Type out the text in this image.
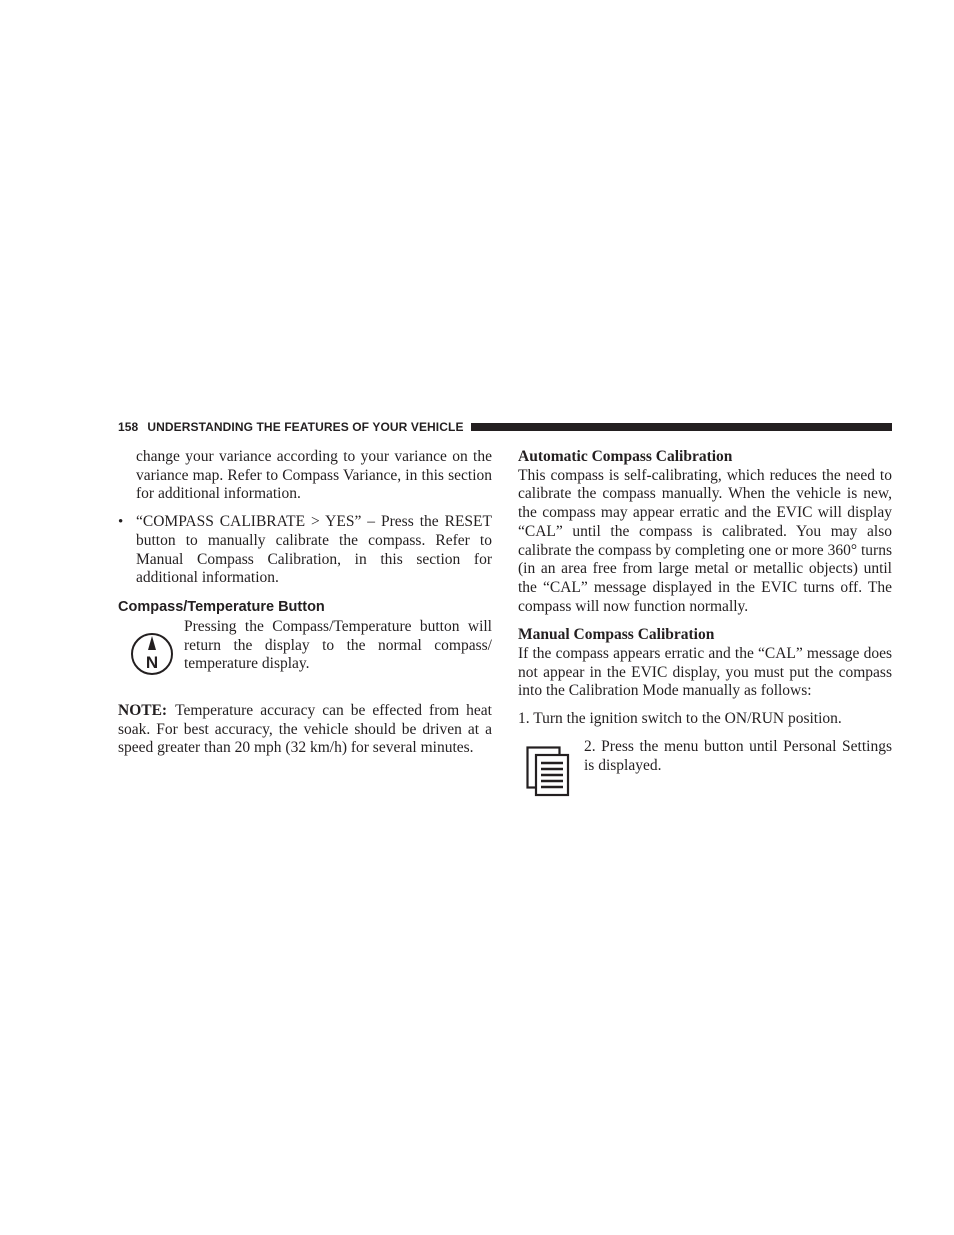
158 UNDERSTANDING THE FEATURES OF YOUR VEHICLE

change your variance according to your variance on the variance map. Refer to Compass Variance, in this section for additional information.

• “COMPASS CALIBRATE > YES” – Press the RESET button to manually calibrate the compass. Refer to Manual Compass Calibration, in this section for additional information.

Compass/Temperature Button
N

Pressing the Compass/Temperature button will return the display to the normal compass/ temperature display.

NOTE: Temperature accuracy can be effected from heat soak. For best accuracy, the vehicle should be driven at a speed greater than 20 mph (32 km/h) for several minutes.

Automatic Compass Calibration

This compass is self-calibrating, which reduces the need to calibrate the compass manually. When the vehicle is new, the compass may appear erratic and the EVIC will display “CAL” until the compass is calibrated. You may also calibrate the compass by completing one or more 360° turns (in an area free from large metal or metallic objects) until the “CAL” message displayed in the EVIC turns off. The compass will now function normally.

Manual Compass Calibration

If the compass appears erratic and the “CAL” message does not appear in the EVIC display, you must put the compass into the Calibration Mode manually as follows:

1. Turn the ignition switch to the ON/RUN position.

2. Press the menu button until Personal Settings is displayed.
